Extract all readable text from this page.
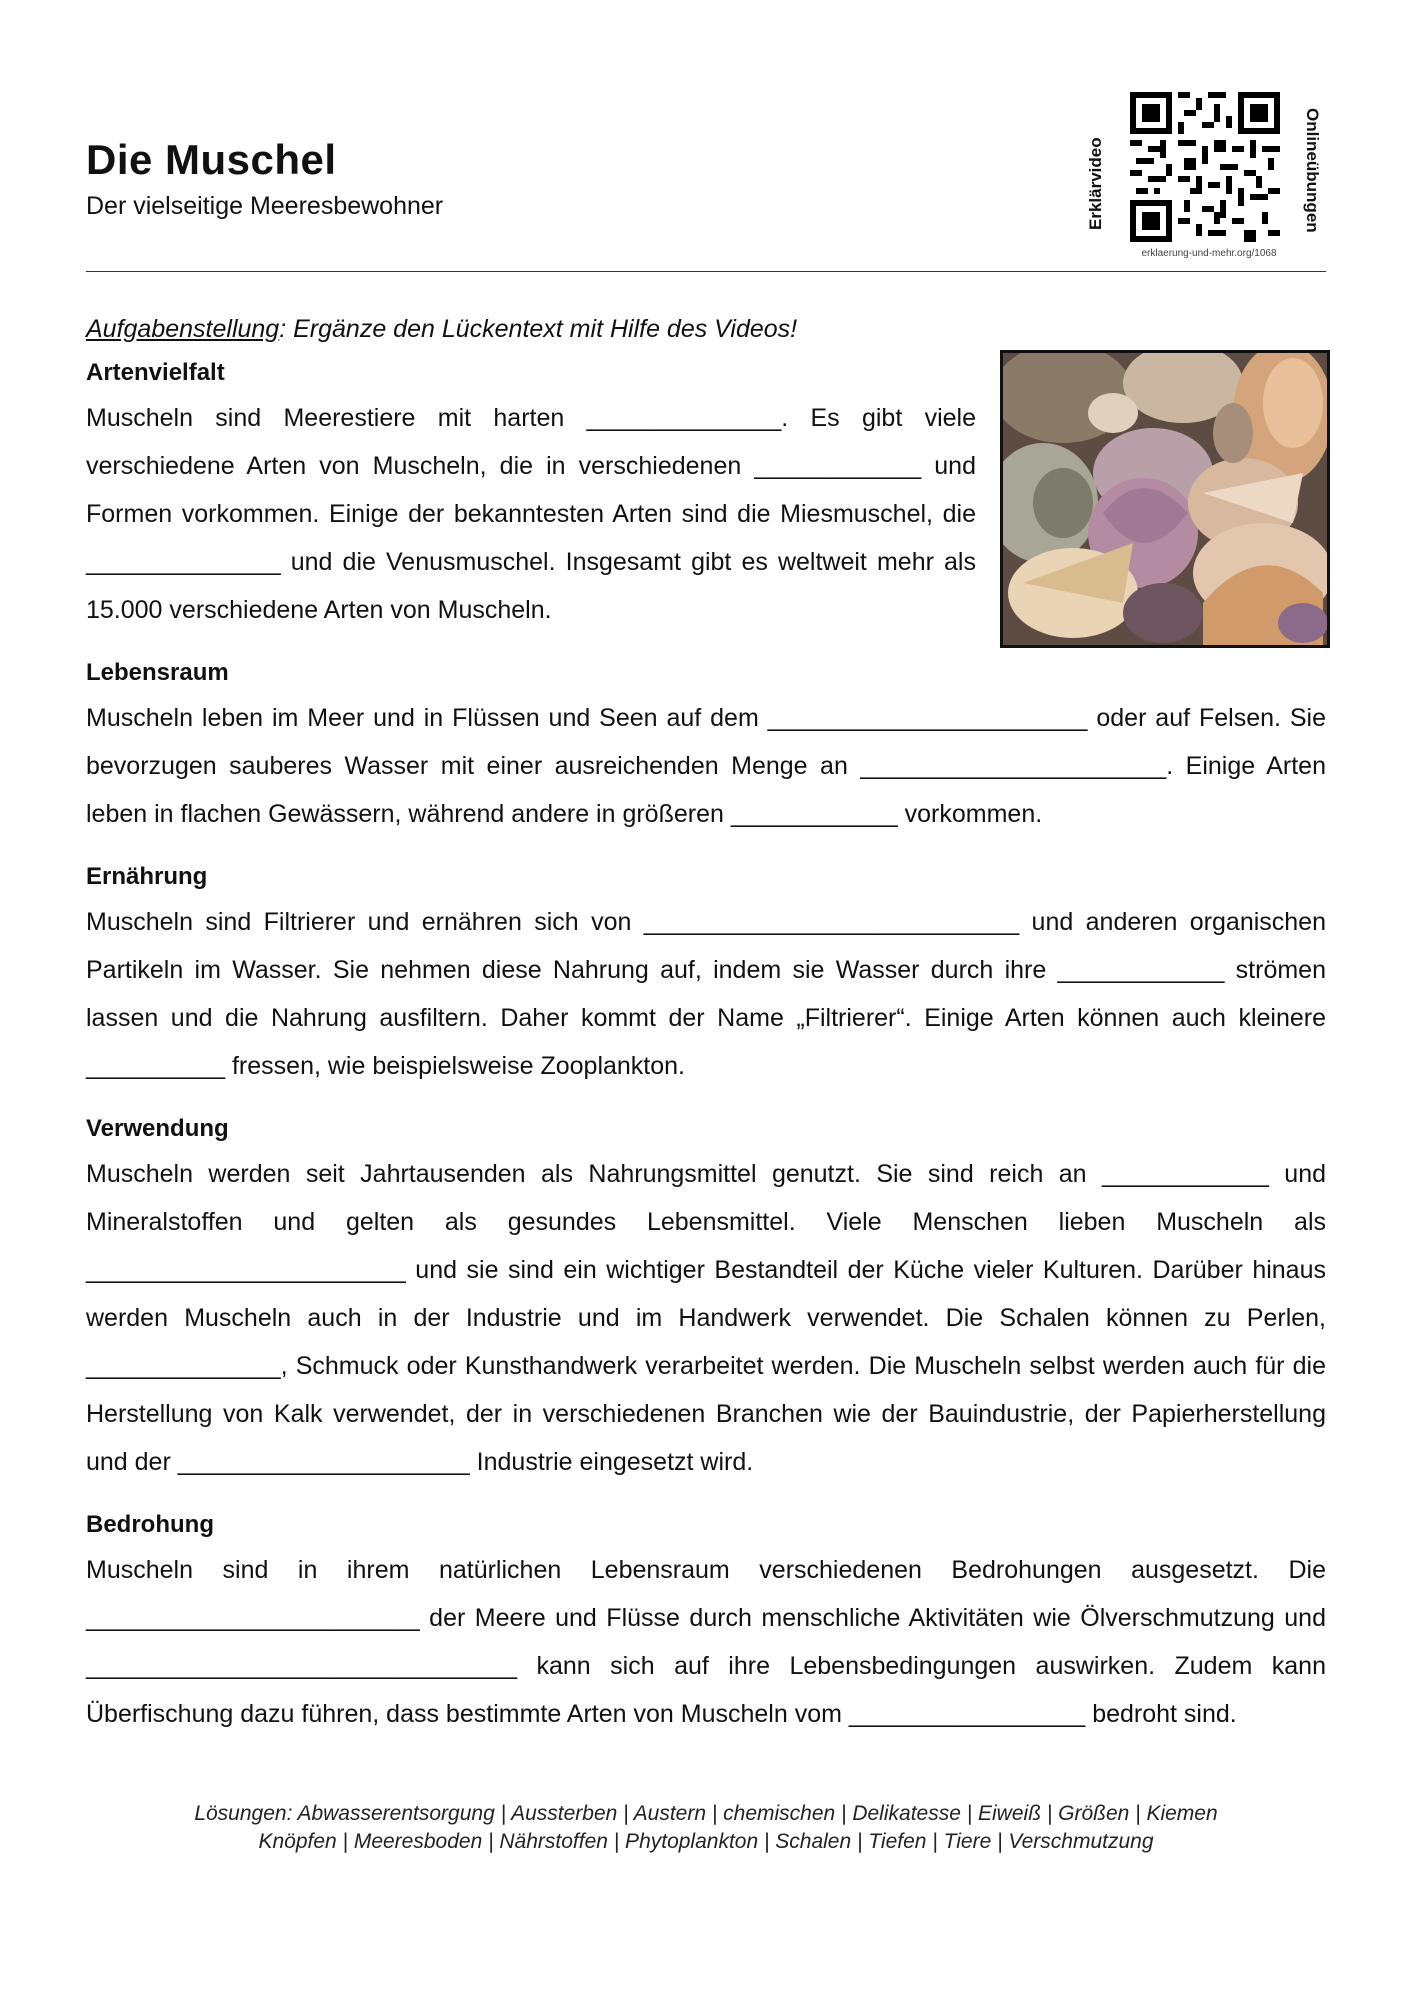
Die Muschel
Der vielseitige Meeresbewohner	Erklärvideo
erklaerung-und-mehr.org/1068
Onlineübungen

Aufgabenstellung: Ergänze den Lückentext mit Hilfe des Videos!

Artenvielfalt

Muscheln sind Meerestiere mit harten ______________. Es gibt viele verschiedene Arten von Muscheln, die in verschiedenen ____________ und Formen vorkommen. Einige der bekanntesten Arten sind die Miesmuschel, die ______________ und die Venusmuschel. Insgesamt gibt es weltweit mehr als 15.000 verschiedene Arten von Muscheln.

Lebensraum

Muscheln leben im Meer und in Flüssen und Seen auf dem _______________________ oder auf Felsen. Sie bevorzugen sauberes Wasser mit einer ausreichenden Menge an ______________________. Einige Arten leben in flachen Gewässern, während andere in größeren ____________ vorkommen.

Ernährung

Muscheln sind Filtrierer und ernähren sich von ___________________________ und anderen organischen Partikeln im Wasser. Sie nehmen diese Nahrung auf, indem sie Wasser durch ihre ____________ strömen lassen und die Nahrung ausfiltern. Daher kommt der Name „Filtrierer“. Einige Arten können auch kleinere __________ fressen, wie beispielsweise Zooplankton.

Verwendung

Muscheln werden seit Jahrtausenden als Nahrungsmittel genutzt. Sie sind reich an ____________ und Mineralstoffen und gelten als gesundes Lebensmittel. Viele Menschen lieben Muscheln als _______________________ und sie sind ein wichtiger Bestandteil der Küche vieler Kulturen. Darüber hinaus werden Muscheln auch in der Industrie und im Handwerk verwendet. Die Schalen können zu Perlen, ______________, Schmuck oder Kunsthandwerk verarbeitet werden. Die Muscheln selbst werden auch für die Herstellung von Kalk verwendet, der in verschiedenen Branchen wie der Bauindustrie, der Papierherstellung und der _____________________ Industrie eingesetzt wird.

Bedrohung

Muscheln sind in ihrem natürlichen Lebensraum verschiedenen Bedrohungen ausgesetzt. Die ________________________ der Meere und Flüsse durch menschliche Aktivitäten wie Ölverschmutzung und _______________________________ kann sich auf ihre Lebensbedingungen auswirken. Zudem kann Überfischung dazu führen, dass bestimmte Arten von Muscheln vom _________________ bedroht sind.

Lösungen: Abwasserentsorgung | Aussterben | Austern | chemischen | Delikatesse | Eiweiß | Größen | Kiemen
Knöpfen | Meeresboden | Nährstoffen | Phytoplankton | Schalen | Tiefen | Tiere | Verschmutzung
